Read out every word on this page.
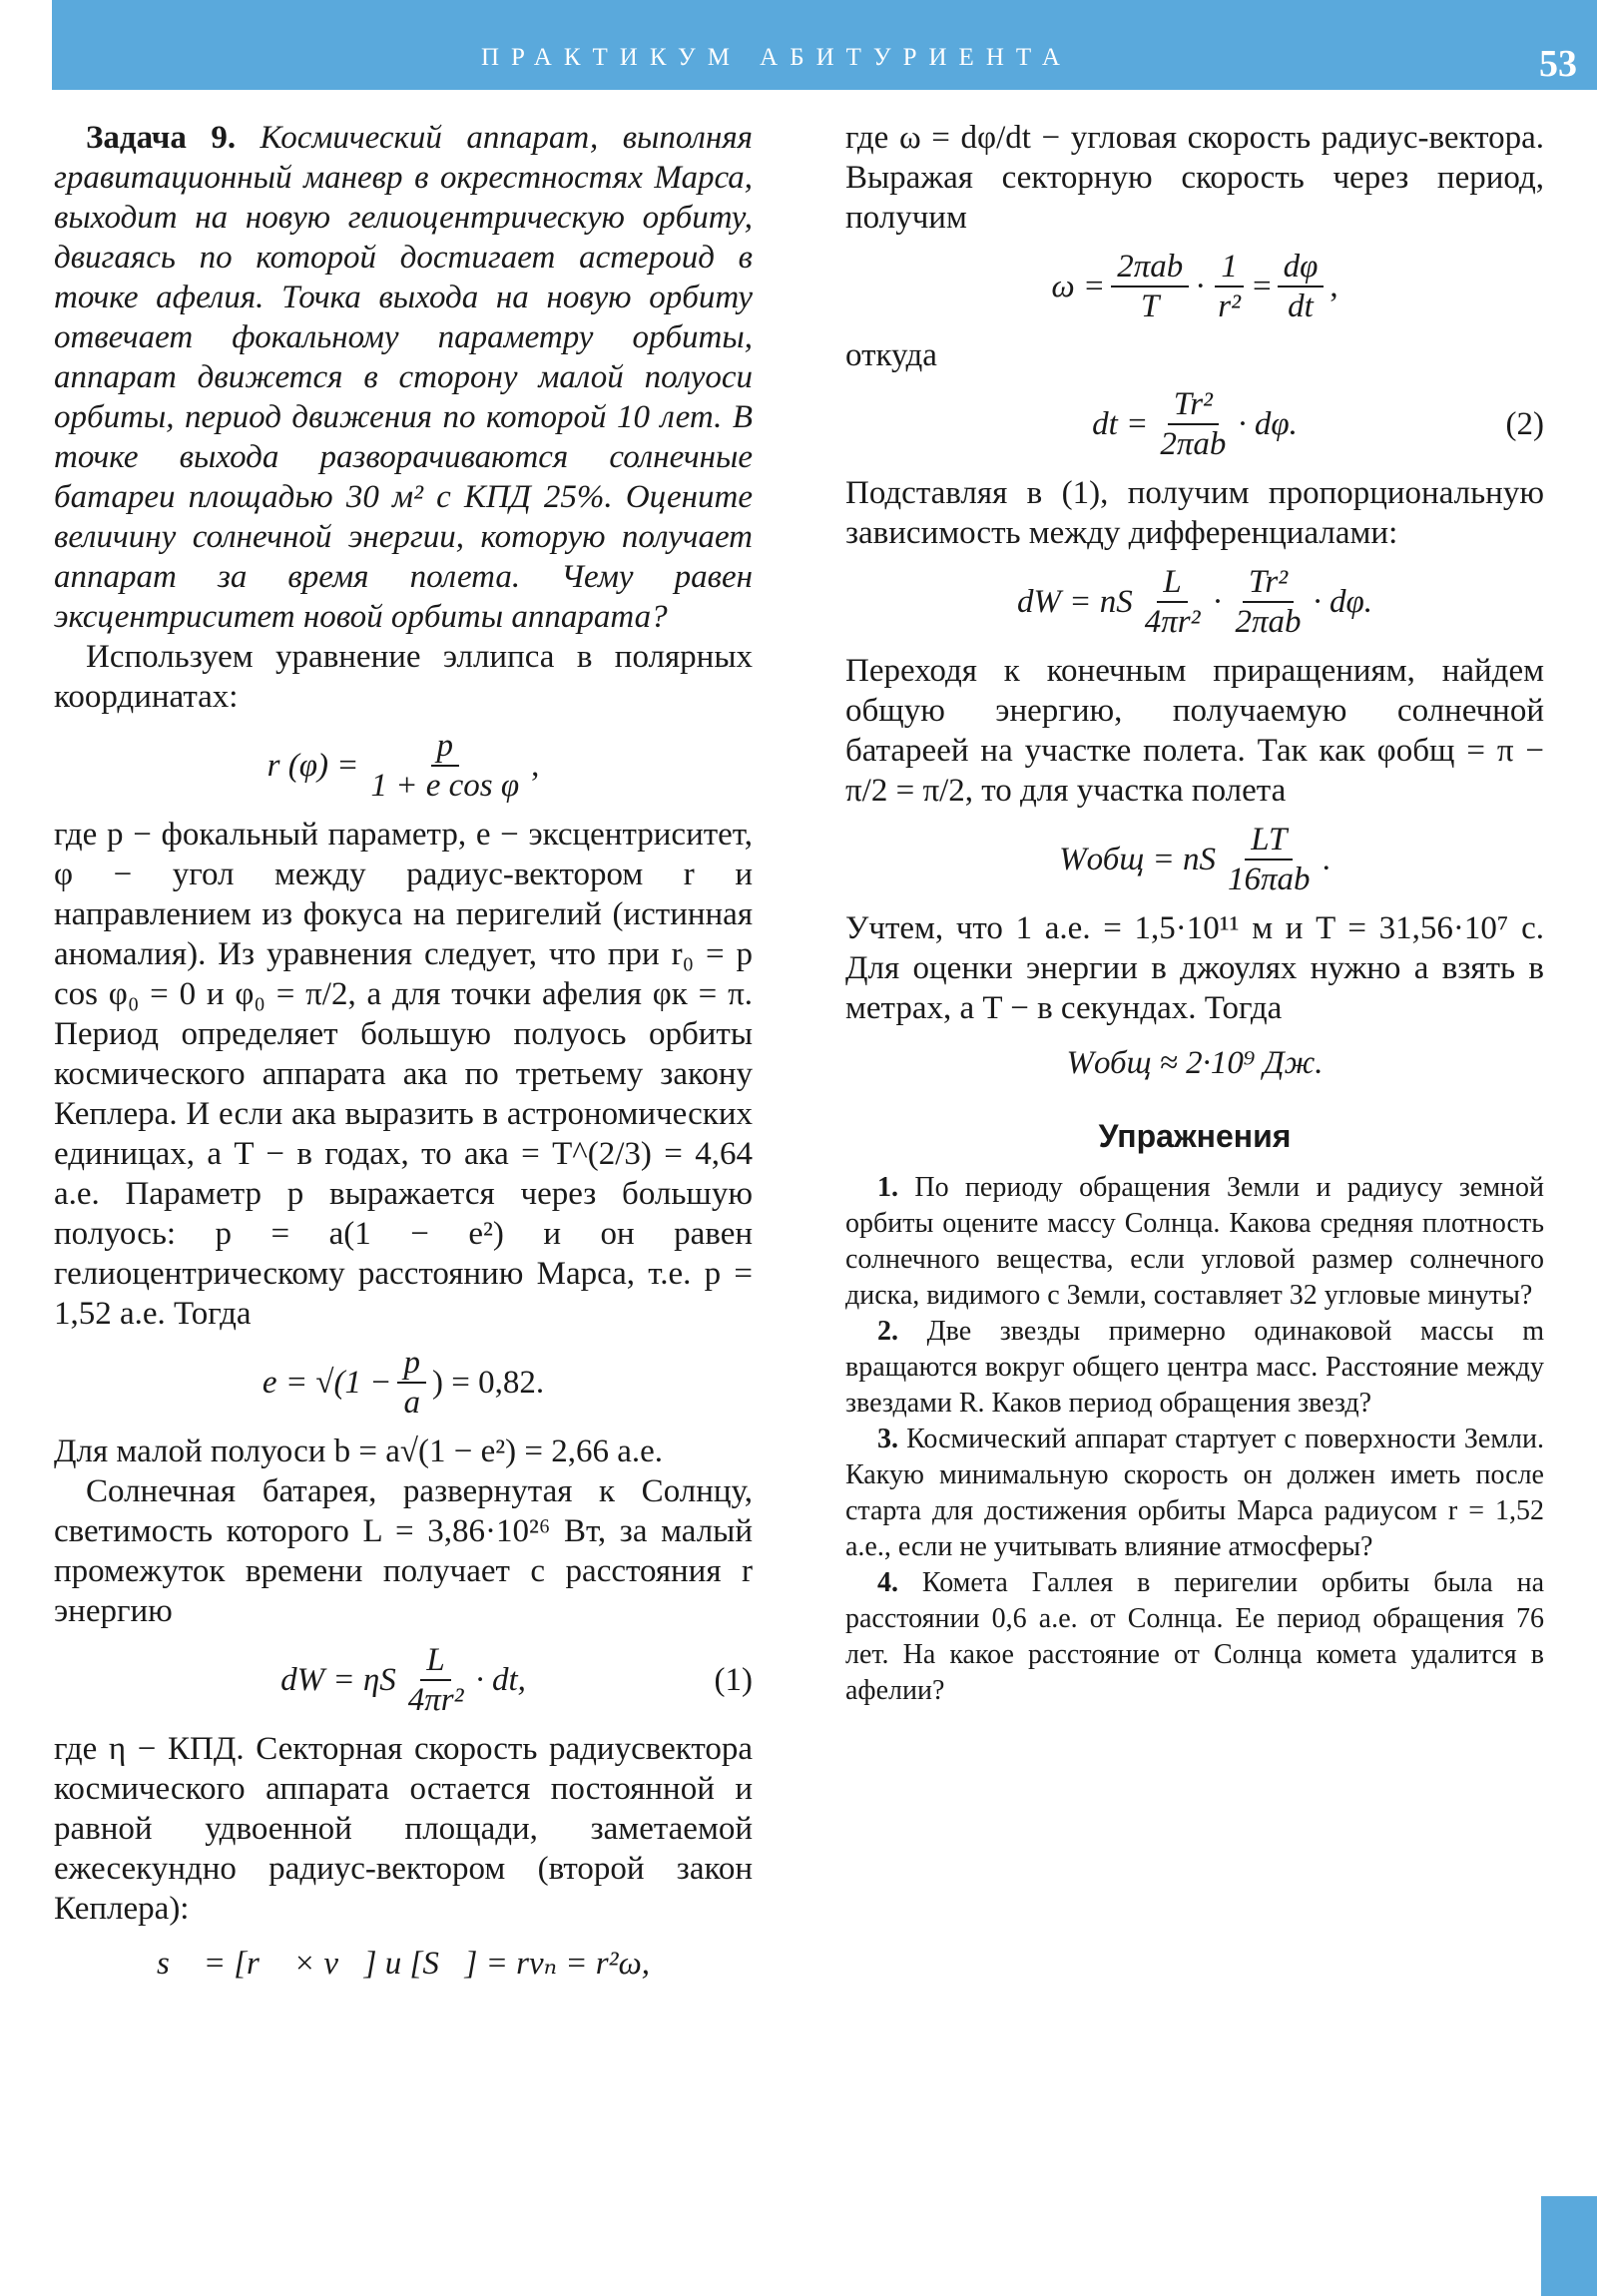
ПРАКТИКУМ АБИТУРИЕНТА	53

Задача 9. Космический аппарат, выполняя гравитационный маневр в окрестностях Марса, выходит на новую гелиоцентрическую орбиту, двигаясь по которой достигает астероид в точке афелия. Точка выхода на новую орбиту отвечает фокальному параметру орбиты, аппарат движется в сторону малой полуоси орбиты, период движения по которой 10 лет. В точке выхода разворачиваются солнечные батареи площадью 30 м² с КПД 25%. Оцените величину солнечной энергии, которую получает аппарат за время полета. Чему равен эксцентриситет новой орбиты аппарата?

Используем уравнение эллипса в полярных координатах:

r $(\varphi) = \frac{p}{\text{1 + e cos φ}}$ ,

где p − фокальный параметр, e − эксцентриситет, φ − угол между радиус-вектором r и направлением из фокуса на перигелий (истинная аномалия). Из уравнения следует, что при r₀ = p cos φ₀ = 0 и φ₀ = π/2, а для точки афелия φк = π. Период определяет большую полуось орбиты космического аппарата aка по третьему закону Кеплера. И если aка выразить в астрономических единицах, а T − в годах, то aка = T^(2/3) = 4,64 а.е. Параметр p выражается через большую полуось: p = a(1 − e²) и он равен гелиоцентрическому расстоянию Марса, т.е. p = 1,52 а.е. Тогда

$e = √(1 - \frac{p}{a}$ ) = 0,82.

Для малой полуоси b = a√(1 − e²) = 2,66 а.е.

Солнечная батарея, развернутая к Солнцу, светимость которого L = 3,86·10²⁶ Вт, за малый промежуток времени получает с расстояния r энергию

dW = ηS $\frac{L}{\text{4πr²}}$ · dt,	(1)

где η − КПД. Секторная скорость радиусвектора космического аппарата остается постоянной и равной удвоенной площади, заметаемой ежесекундно радиус-вектором (второй закон Кеплера):

s⃗ = [r⃗ × v⃗] и [S⃗] = rvₙ = r²ω,

где ω = dφ/dt − угловая скорость радиус-вектора. Выражая секторную скорость через период, получим

$\omega = \frac{\text{2πab}}{T} \cdot \frac{1}{\text{r²}} = \frac{d\varphi}{dt}$ ,

откуда

dt = $\frac{\text{Tr²}}{\text{2πab}} \cdot d\varphi$.	(2)

Подставляя в (1), получим пропорциональную зависимость между дифференциалами:

dW = nS $\frac{L}{\text{4πr²}} \cdot \frac{\text{Tr²}}{\text{2πab}} \cdot d\varphi$.

Переходя к конечным приращениям, найдем общую энергию, получаемую солнечной батареей на участке полета. Так как φобщ = π − π/2 = π/2, то для участка полета

Wобщ = nS $\frac{LT}{\text{16πab}}$ .

Учтем, что 1 а.е. = 1,5·10¹¹ м и T = 31,56·10⁷ с. Для оценки энергии в джоулях нужно a взять в метрах, а T − в секундах. Тогда

Wобщ ≈ 2·10⁹ Дж.
Упражнения

1. По периоду обращения Земли и радиусу земной орбиты оцените массу Солнца. Какова средняя плотность солнечного вещества, если угловой размер солнечного диска, видимого с Земли, составляет 32 угловые минуты?

2. Две звезды примерно одинаковой массы m вращаются вокруг общего центра масс. Расстояние между звездами R. Каков период обращения звезд?

3. Космический аппарат стартует с поверхности Земли. Какую минимальную скорость он должен иметь после старта для достижения орбиты Марса радиусом r = 1,52 а.е., если не учитывать влияние атмосферы?

4. Комета Галлея в перигелии орбиты была на расстоянии 0,6 а.е. от Солнца. Ее период обращения 76 лет. На какое расстояние от Солнца комета удалится в афелии?
